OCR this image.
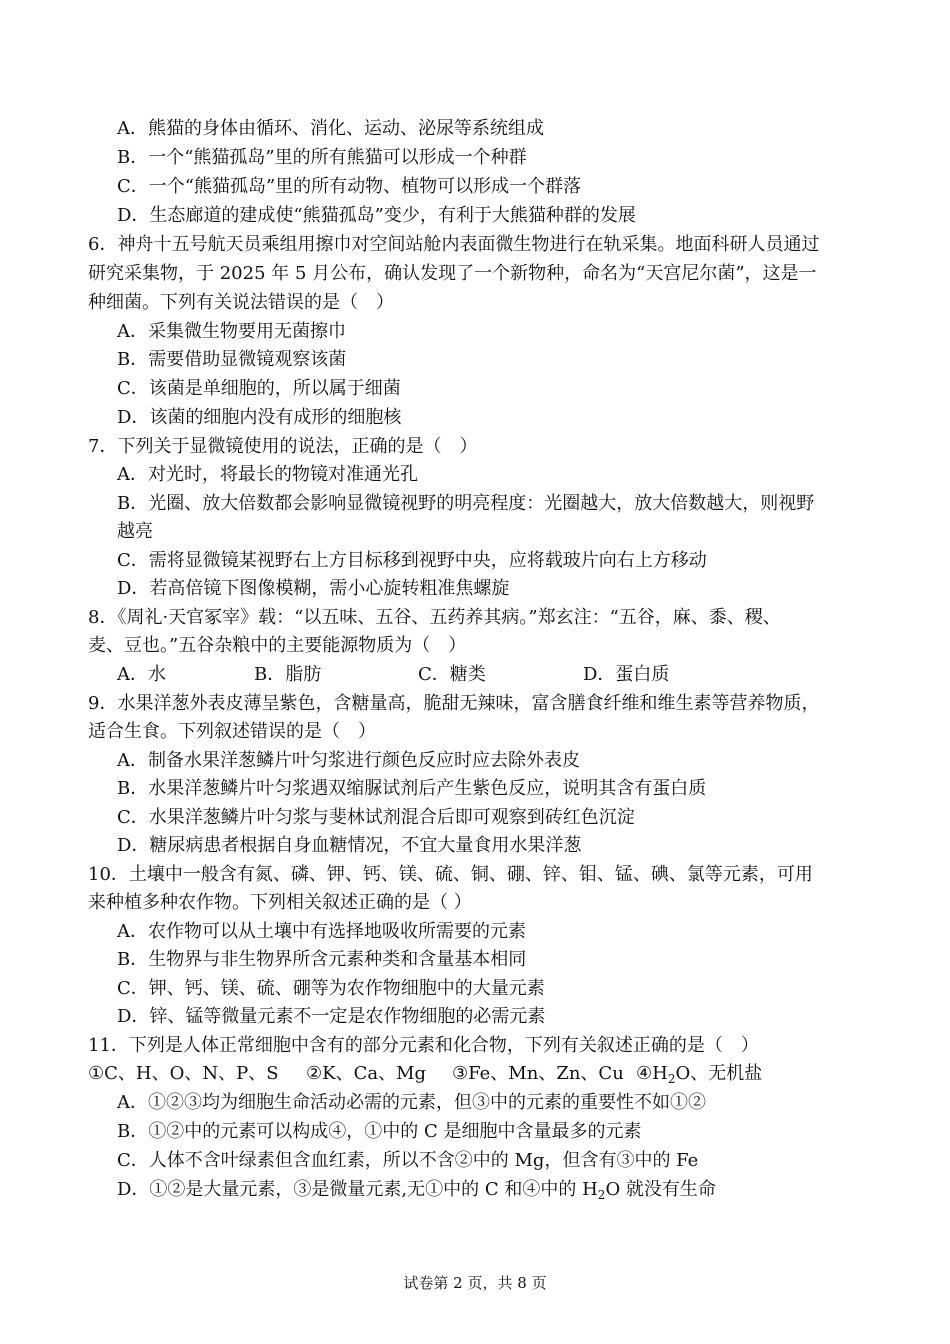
A．熊猫的身体由循环、消化、运动、泌尿等系统组成
B．一个“熊猫孤岛”里的所有熊猫可以形成一个种群
C．一个“熊猫孤岛”里的所有动物、植物可以形成一个群落
D．生态廊道的建成使“熊猫孤岛”变少，有利于大熊猫种群的发展
6．神舟十五号航天员乘组用擦巾对空间站舱内表面微生物进行在轨采集。地面科研人员通过
研究采集物，于 2025 年 5 月公布，确认发现了一个新物种，命名为“天宫尼尔菌”，这是一
种细菌。下列有关说法错误的是（　）
A．采集微生物要用无菌擦巾
B．需要借助显微镜观察该菌
C．该菌是单细胞的，所以属于细菌
D．该菌的细胞内没有成形的细胞核
7．下列关于显微镜使用的说法，正确的是（　）
A．对光时，将最长的物镜对准通光孔
B．光圈、放大倍数都会影响显微镜视野的明亮程度：光圈越大，放大倍数越大，则视野
越亮
C．需将显微镜某视野右上方目标移到视野中央，应将载玻片向右上方移动
D．若高倍镜下图像模糊，需小心旋转粗准焦螺旋
8．《周礼·天官冢宰》载：“以五味、五谷、五药养其病。”郑玄注：“五谷，麻、黍、稷、
麦、豆也。”五谷杂粮中的主要能源物质为（　）
A．水	B．脂肪	C．糖类	D．蛋白质
9．水果洋葱外表皮薄呈紫色，含糖量高，脆甜无辣味，富含膳食纤维和维生素等营养物质，
适合生食。下列叙述错误的是（　）
A．制备水果洋葱鳞片叶匀浆进行颜色反应时应去除外表皮
B．水果洋葱鳞片叶匀浆遇双缩脲试剂后产生紫色反应，说明其含有蛋白质
C．水果洋葱鳞片叶匀浆与斐林试剂混合后即可观察到砖红色沉淀
D．糖尿病患者根据自身血糖情况，不宜大量食用水果洋葱
10．土壤中一般含有氮、磷、钾、钙、镁、硫、铜、硼、锌、钼、锰、碘、氯等元素，可用
来种植多种农作物。下列相关叙述正确的是（ ）
A．农作物可以从土壤中有选择地吸收所需要的元素
B．生物界与非生物界所含元素种类和含量基本相同
C．钾、钙、镁、硫、硼等为农作物细胞中的大量元素
D．锌、锰等微量元素不一定是农作物细胞的必需元素
11．下列是人体正常细胞中含有的部分元素和化合物，下列有关叙述正确的是（　）
①C、H、O、N、P、S ②K、Ca、Mg ③Fe、Mn、Zn、Cu $④H_2O$、无机盐
A．①②③均为细胞生命活动必需的元素，但③中的元素的重要性不如①②
B．①②中的元素可以构成④，①中的 C 是细胞中含量最多的元素
C．人体不含叶绿素但含血红素，所以不含②中的 Mg，但含有③中的 Fe
D．①②是大量元素，③是微量元素,无①中的 C 和④中的 $H_2O$ 就没有生命
试卷第 2 页，共 8 页
